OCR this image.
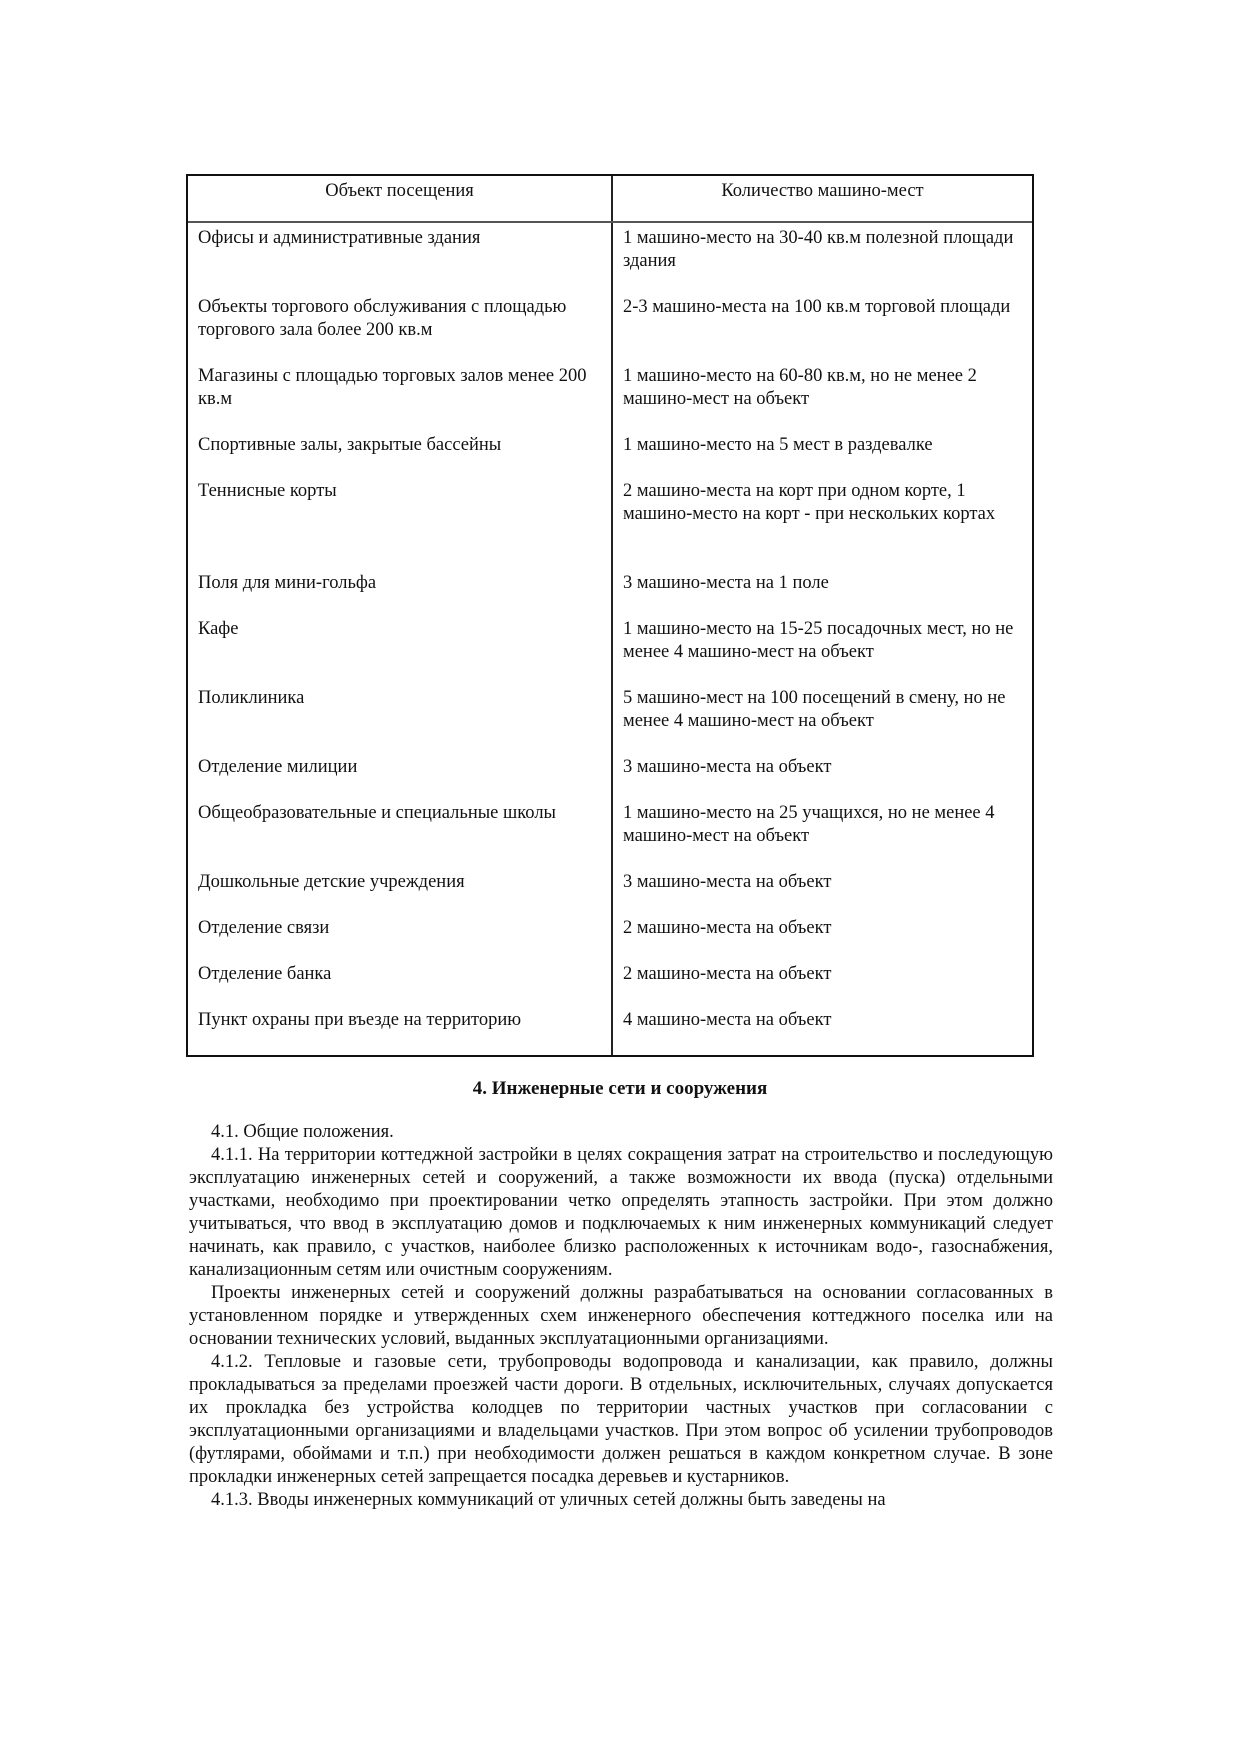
Объект посещения	Количество машино-мест
Офисы и административные здания
Объекты торгового обслуживания с площадью торгового зала более 200 кв.м
Магазины с площадью торговых залов менее 200 кв.м
Спортивные залы, закрытые бассейны
Теннисные корты
Поля для мини-гольфа
Кафе
Поликлиника
Отделение милиции
Общеобразовательные и специальные школы
Дошкольные детские учреждения
Отделение связи
Отделение банка
Пункт охраны при въезде на территорию
1 машино-место на 30-40 кв.м полезной площади здания
2-3 машино-места на 100 кв.м торговой площади
1 машино-место на 60-80 кв.м, но не менее 2 машино-мест на объект
1 машино-место на 5 мест в раздевалке
2 машино-места на корт при одном корте, 1 машино-место на корт - при нескольких кортах
3 машино-места на 1 поле
1 машино-место на 15-25 посадочных мест, но не менее 4 машино-мест на объект
5 машино-мест на 100 посещений в смену, но не менее 4 машино-мест на объект
3 машино-места на объект
1 машино-место на 25 учащихся, но не менее 4 машино-мест на объект
3 машино-места на объект
2 машино-места на объект
2 машино-места на объект
4 машино-места на объект
4. Инженерные сети и сооружения

4.1. Общие положения.

4.1.1. На территории коттеджной застройки в целях сокращения затрат на строительство и последующую эксплуатацию инженерных сетей и сооружений, а также возможности их ввода (пуска) отдельными участками, необходимо при проектировании четко определять этапность застройки. При этом должно учитываться, что ввод в эксплуатацию домов и подключаемых к ним инженерных коммуникаций следует начинать, как правило, с участков, наиболее близко расположенных к источникам водо-, газоснабжения, канализационным сетям или очистным сооружениям.

Проекты инженерных сетей и сооружений должны разрабатываться на основании согласованных в установленном порядке и утвержденных схем инженерного обеспечения коттеджного поселка или на основании технических условий, выданных эксплуатационными организациями.

4.1.2. Тепловые и газовые сети, трубопроводы водопровода и канализации, как правило, должны прокладываться за пределами проезжей части дороги. В отдельных, исключительных, случаях допускается их прокладка без устройства колодцев по территории частных участков при согласовании с эксплуатационными организациями и владельцами участков. При этом вопрос об усилении трубопроводов (футлярами, обоймами и т.п.) при необходимости должен решаться в каждом конкретном случае. В зоне прокладки инженерных сетей запрещается посадка деревьев и кустарников.

4.1.3. Вводы инженерных коммуникаций от уличных сетей должны быть заведены на
